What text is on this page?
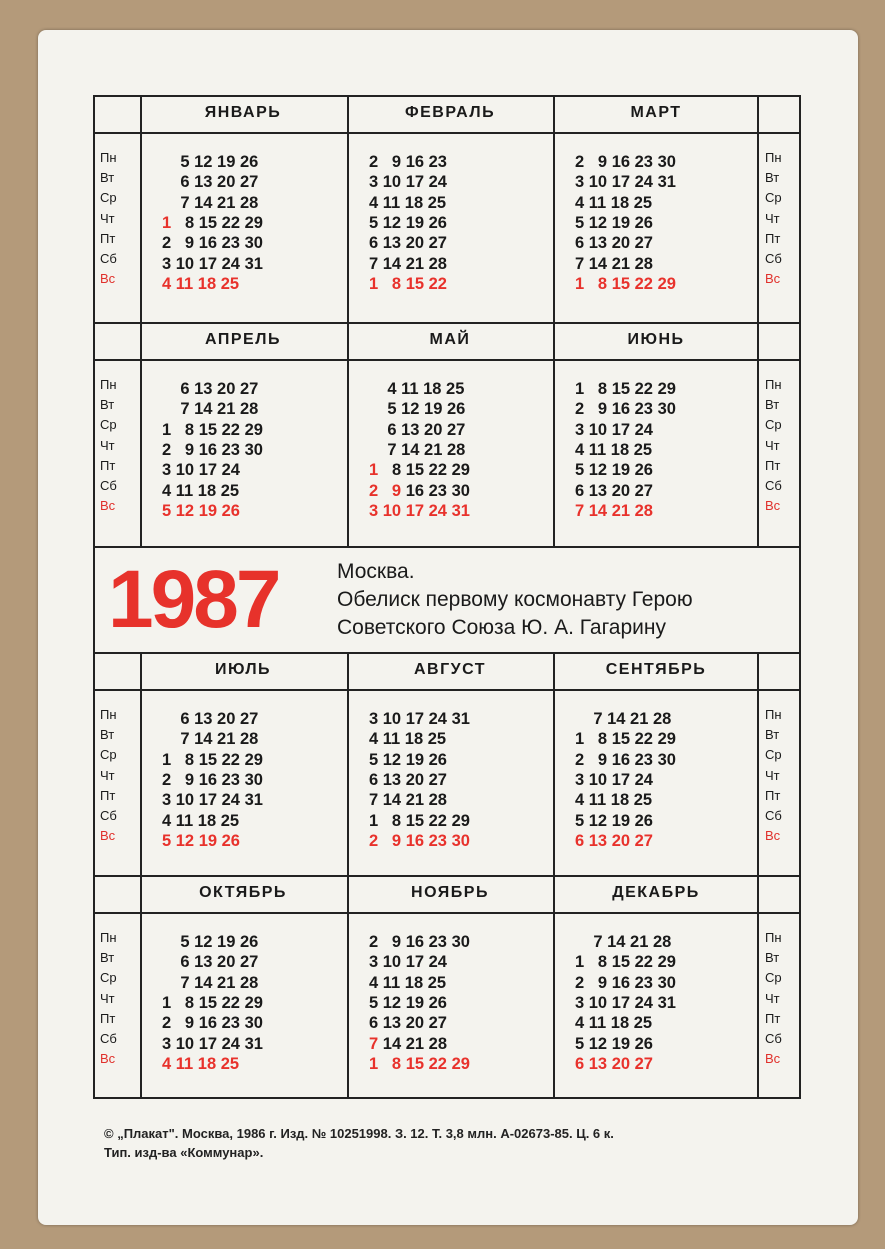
Пн
Вт
Ср
Чт
Пт
Сб
Вс
Пн
Вт
Ср
Чт
Пт
Сб
Вс
ЯНВАРЬ
5 12 19 26
6 13 20 27
7 14 21 28
1   8 15 22 29
2   9 16 23 30
3 10 17 24 31
4 11 18 25
ФЕВРАЛЬ
2   9 16 23
3 10 17 24
4 11 18 25
5 12 19 26
6 13 20 27
7 14 21 28
1   8 15 22
МАРТ
2   9 16 23 30
3 10 17 24 31
4 11 18 25
5 12 19 26
6 13 20 27
7 14 21 28
1   8 15 22 29
Пн
Вт
Ср
Чт
Пт
Сб
Вс
Пн
Вт
Ср
Чт
Пт
Сб
Вс
АПРЕЛЬ
6 13 20 27
7 14 21 28
1   8 15 22 29
2   9 16 23 30
3 10 17 24
4 11 18 25
5 12 19 26
МАЙ
4 11 18 25
5 12 19 26
6 13 20 27
7 14 21 28
1   8 15 22 29
2   9 16 23 30
3 10 17 24 31
ИЮНЬ
1   8 15 22 29
2   9 16 23 30
3 10 17 24
4 11 18 25
5 12 19 26
6 13 20 27
7 14 21 28
Пн
Вт
Ср
Чт
Пт
Сб
Вс
Пн
Вт
Ср
Чт
Пт
Сб
Вс
ИЮЛЬ
6 13 20 27
7 14 21 28
1   8 15 22 29
2   9 16 23 30
3 10 17 24 31
4 11 18 25
5 12 19 26
АВГУСТ
3 10 17 24 31
4 11 18 25
5 12 19 26
6 13 20 27
7 14 21 28
1   8 15 22 29
2   9 16 23 30
СЕНТЯБРЬ
7 14 21 28
1   8 15 22 29
2   9 16 23 30
3 10 17 24
4 11 18 25
5 12 19 26
6 13 20 27
Пн
Вт
Ср
Чт
Пт
Сб
Вс
Пн
Вт
Ср
Чт
Пт
Сб
Вс
ОКТЯБРЬ
5 12 19 26
6 13 20 27
7 14 21 28
1   8 15 22 29
2   9 16 23 30
3 10 17 24 31
4 11 18 25
НОЯБРЬ
2   9 16 23 30
3 10 17 24
4 11 18 25
5 12 19 26
6 13 20 27
7 14 21 28
1   8 15 22 29
ДЕКАБРЬ
7 14 21 28
1   8 15 22 29
2   9 16 23 30
3 10 17 24 31
4 11 18 25
5 12 19 26
6 13 20 27
1987	Москва.
Обелиск первому космонавту Герою
Советского Союза Ю. А. Гагарину
© „Плакат". Москва, 1986 г. Изд. № 10251998. З. 12. Т. 3,8 млн. А-02673-85. Ц. 6 к.
Тип. изд-ва «Коммунар».
